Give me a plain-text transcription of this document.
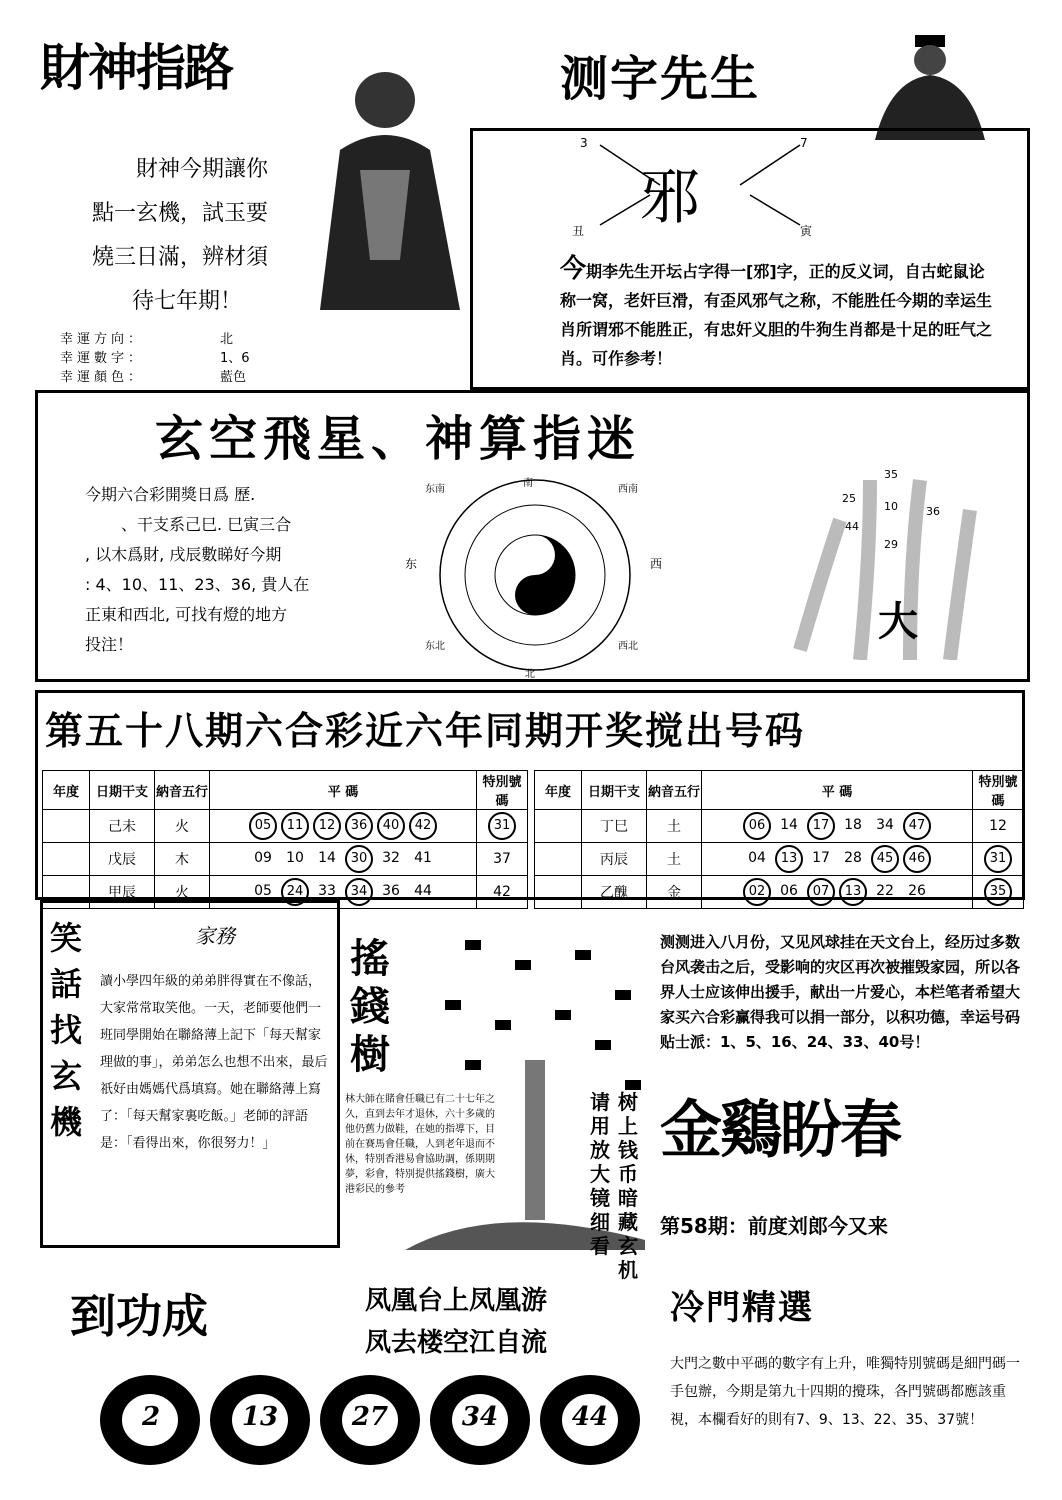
財神指路
財神今期讓你
點一玄機，試玉要
燒三日滿，辨材須
待七年期！
幸運方向：	北
幸運數字：	1、6
幸運顏色：	藍色
测字先生
3	7
丑	寅
邪
今期李先生开坛占字得一[邪]字，正的反义词，自古蛇鼠论称一窝，老奸巨滑，有歪风邪气之称，不能胜任今期的幸运生肖所谓邪不能胜正，有忠奸义胆的牛狗生肖都是十足的旺气之肖。可作参考！
玄空飛星、神算指迷
今期六合彩開獎日爲 歷.
、干支系己巳. 巳寅三合
, 以木爲財, 戌辰數睇好今期
: 4、10、11、23、36, 貴人在
正東和西北, 可找有燈的地方
投注！
南
北
东	西
东南	西南
东北	西北
35
25
10	36
44
29
大
第五十八期六合彩近六年同期开奖搅出号码
年度	日期干支	納音五行	平 碼	特別號碼
	己未	火	05 11 12 36 40 42	31
	戊辰	木	09 10 14 30 32 41	37
	甲辰	火	05 24 33 34 36 44	42
年度	日期干支	納音五行	平 碼	特別號碼
	丁巳	土	06 14 17 18 34 47	12
	丙辰	土	04 13 17 28 45 46	31
	乙醜	金	02 06 07 13 22 26	35
笑
話
找
玄
機
家務
讀小學四年級的弟弟胖得實在不像話，大家常常取笑他。一天，老師要他們一班同學開始在聯絡薄上記下「每天幫家理做的事」，弟弟怎么也想不出來，最后祇好由媽媽代爲填寫。她在聯絡薄上寫了：「每天幫家裏吃飯。」老師的評語是：「看得出來，你很努力！」
搖
錢
樹
林大師在賭會任職已有二十七年之久，直到去年才退休，六十多歲的他仍舊力做鞋，在她的指導下，目前在賽馬會任職，人到老年退而不休，特別香港易會協助調，係期期夢，彩會，特別提供搖錢樹，廣大港彩民的參考
请
用
放
大
镜
细
看
树
上
钱
币
暗
藏
玄
机
测测进入八月份，又见风球挂在天文台上，经历过多数台风袭击之后，受影响的灾区再次被摧毁家园，所以各界人士应该伸出援手，献出一片爱心，本栏笔者希望大家买六合彩赢得我可以捐一部分，以积功德，幸运号码贴士派：1、5、16、24、33、40号！
金鷄盼春
第58期：前度刘郎今又来
到功成	凤凰台上凤凰游
凤去楼空江自流
2	13	27	34	44
冷門精選
大門之數中平碼的數字有上升，唯獨特別號碼是細門碼一手包辦，今期是第九十四期的攪珠，各門號碼都應該重視，本欄看好的則有7、9、13、22、35、37號！
